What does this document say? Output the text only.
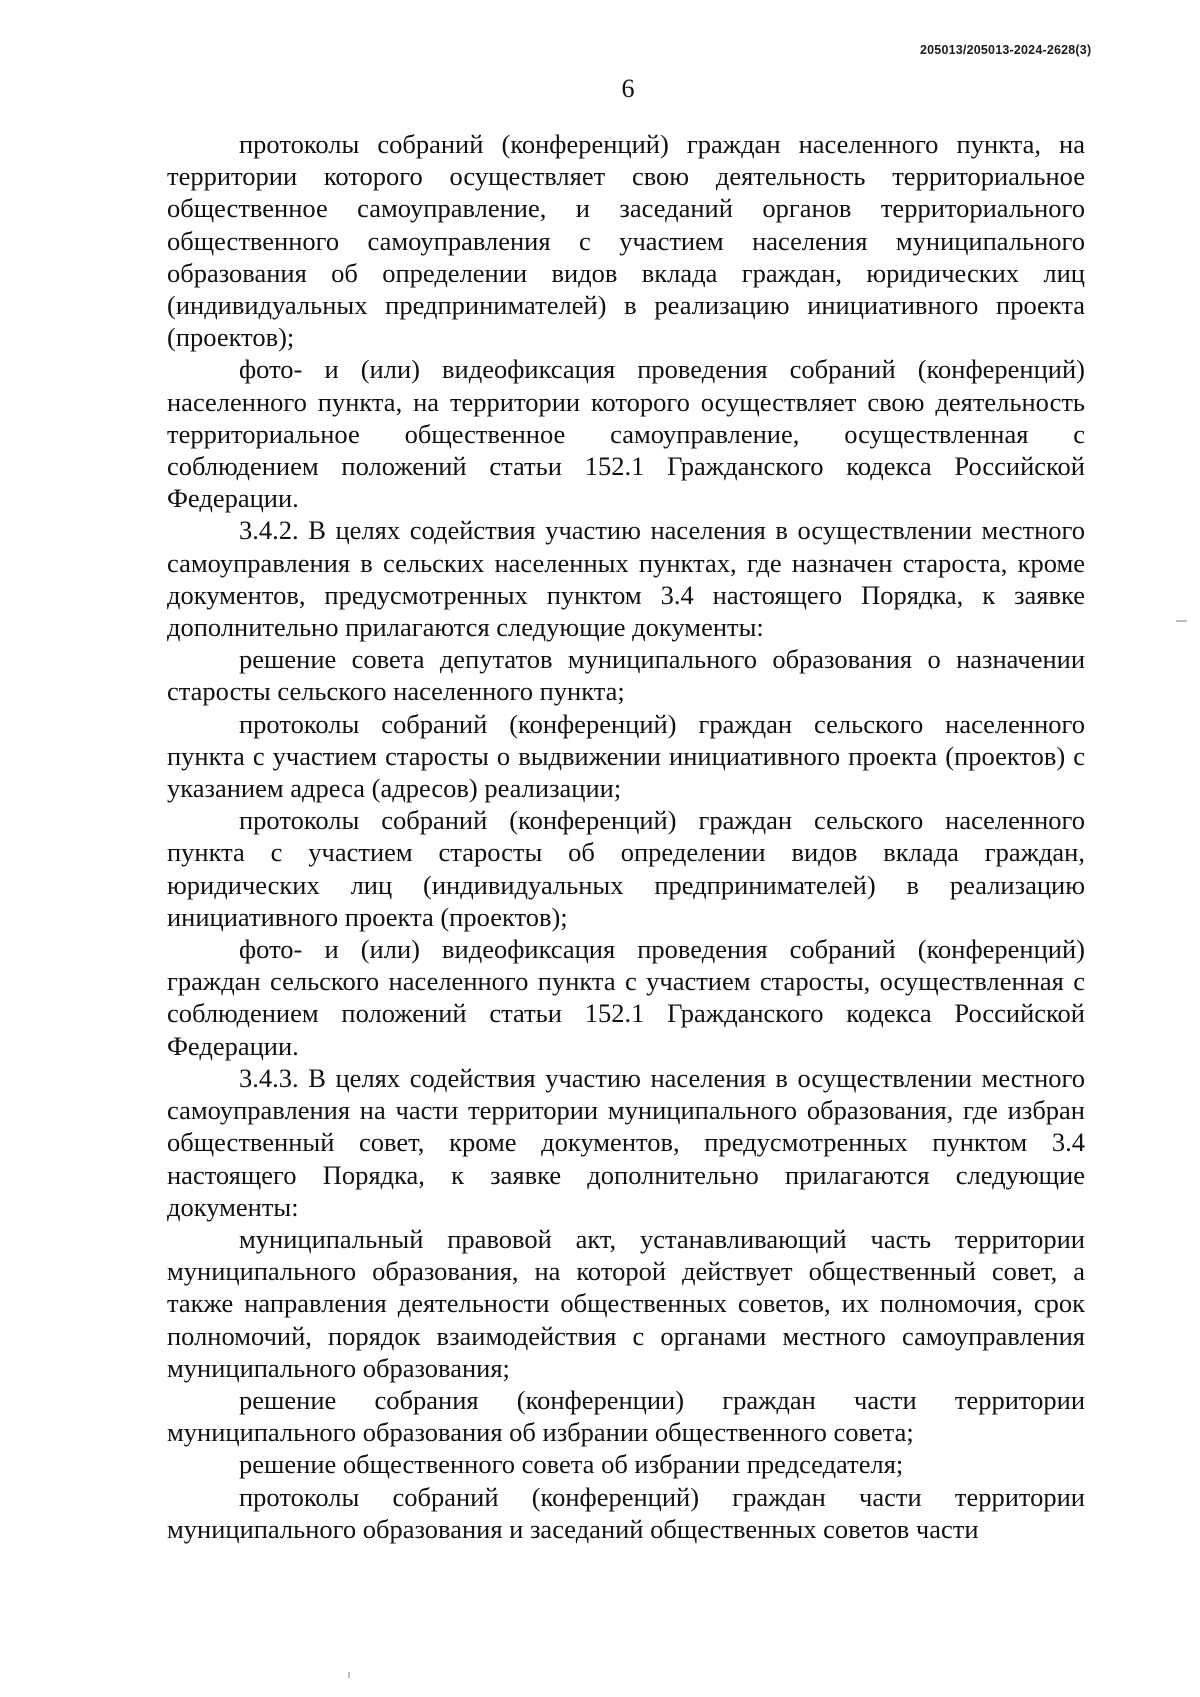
205013/205013-2024-2628(3)
6

протоколы собраний (конференций) граждан населенного пункта, на территории которого осуществляет свою деятельность территориальное общественное самоуправление, и заседаний органов территориального общественного самоуправления с участием населения муниципального образования об определении видов вклада граждан, юридических лиц (индивидуальных предпринимателей) в реализацию инициативного проекта (проектов);

фото- и (или) видеофиксация проведения собраний (конференций) населенного пункта, на территории которого осуществляет свою деятельность территориальное общественное самоуправление, осуществленная с соблюдением положений статьи 152.1 Гражданского кодекса Российской Федерации.

3.4.2. В целях содействия участию населения в осуществлении местного самоуправления в сельских населенных пунктах, где назначен староста, кроме документов, предусмотренных пунктом 3.4 настоящего Порядка, к заявке дополнительно прилагаются следующие документы:

решение совета депутатов муниципального образования о назначении старосты сельского населенного пункта;

протоколы собраний (конференций) граждан сельского населенного пункта с участием старосты о выдвижении инициативного проекта (проектов) с указанием адреса (адресов) реализации;

протоколы собраний (конференций) граждан сельского населенного пункта с участием старосты об определении видов вклада граждан, юридических лиц (индивидуальных предпринимателей) в реализацию инициативного проекта (проектов);

фото- и (или) видеофиксация проведения собраний (конференций) граждан сельского населенного пункта с участием старосты, осуществленная с соблюдением положений статьи 152.1 Гражданского кодекса Российской Федерации.

3.4.3. В целях содействия участию населения в осуществлении местного самоуправления на части территории муниципального образования, где избран общественный совет, кроме документов, предусмотренных пунктом 3.4 настоящего Порядка, к заявке дополнительно прилагаются следующие документы:

муниципальный правовой акт, устанавливающий часть территории муниципального образования, на которой действует общественный совет, а также направления деятельности общественных советов, их полномочия, срок полномочий, порядок взаимодействия с органами местного самоуправления муниципального образования;

решение собрания (конференции) граждан части территории муниципального образования об избрании общественного совета;

решение общественного совета об избрании председателя;

протоколы собраний (конференций) граждан части территории муниципального образования и заседаний общественных советов части
